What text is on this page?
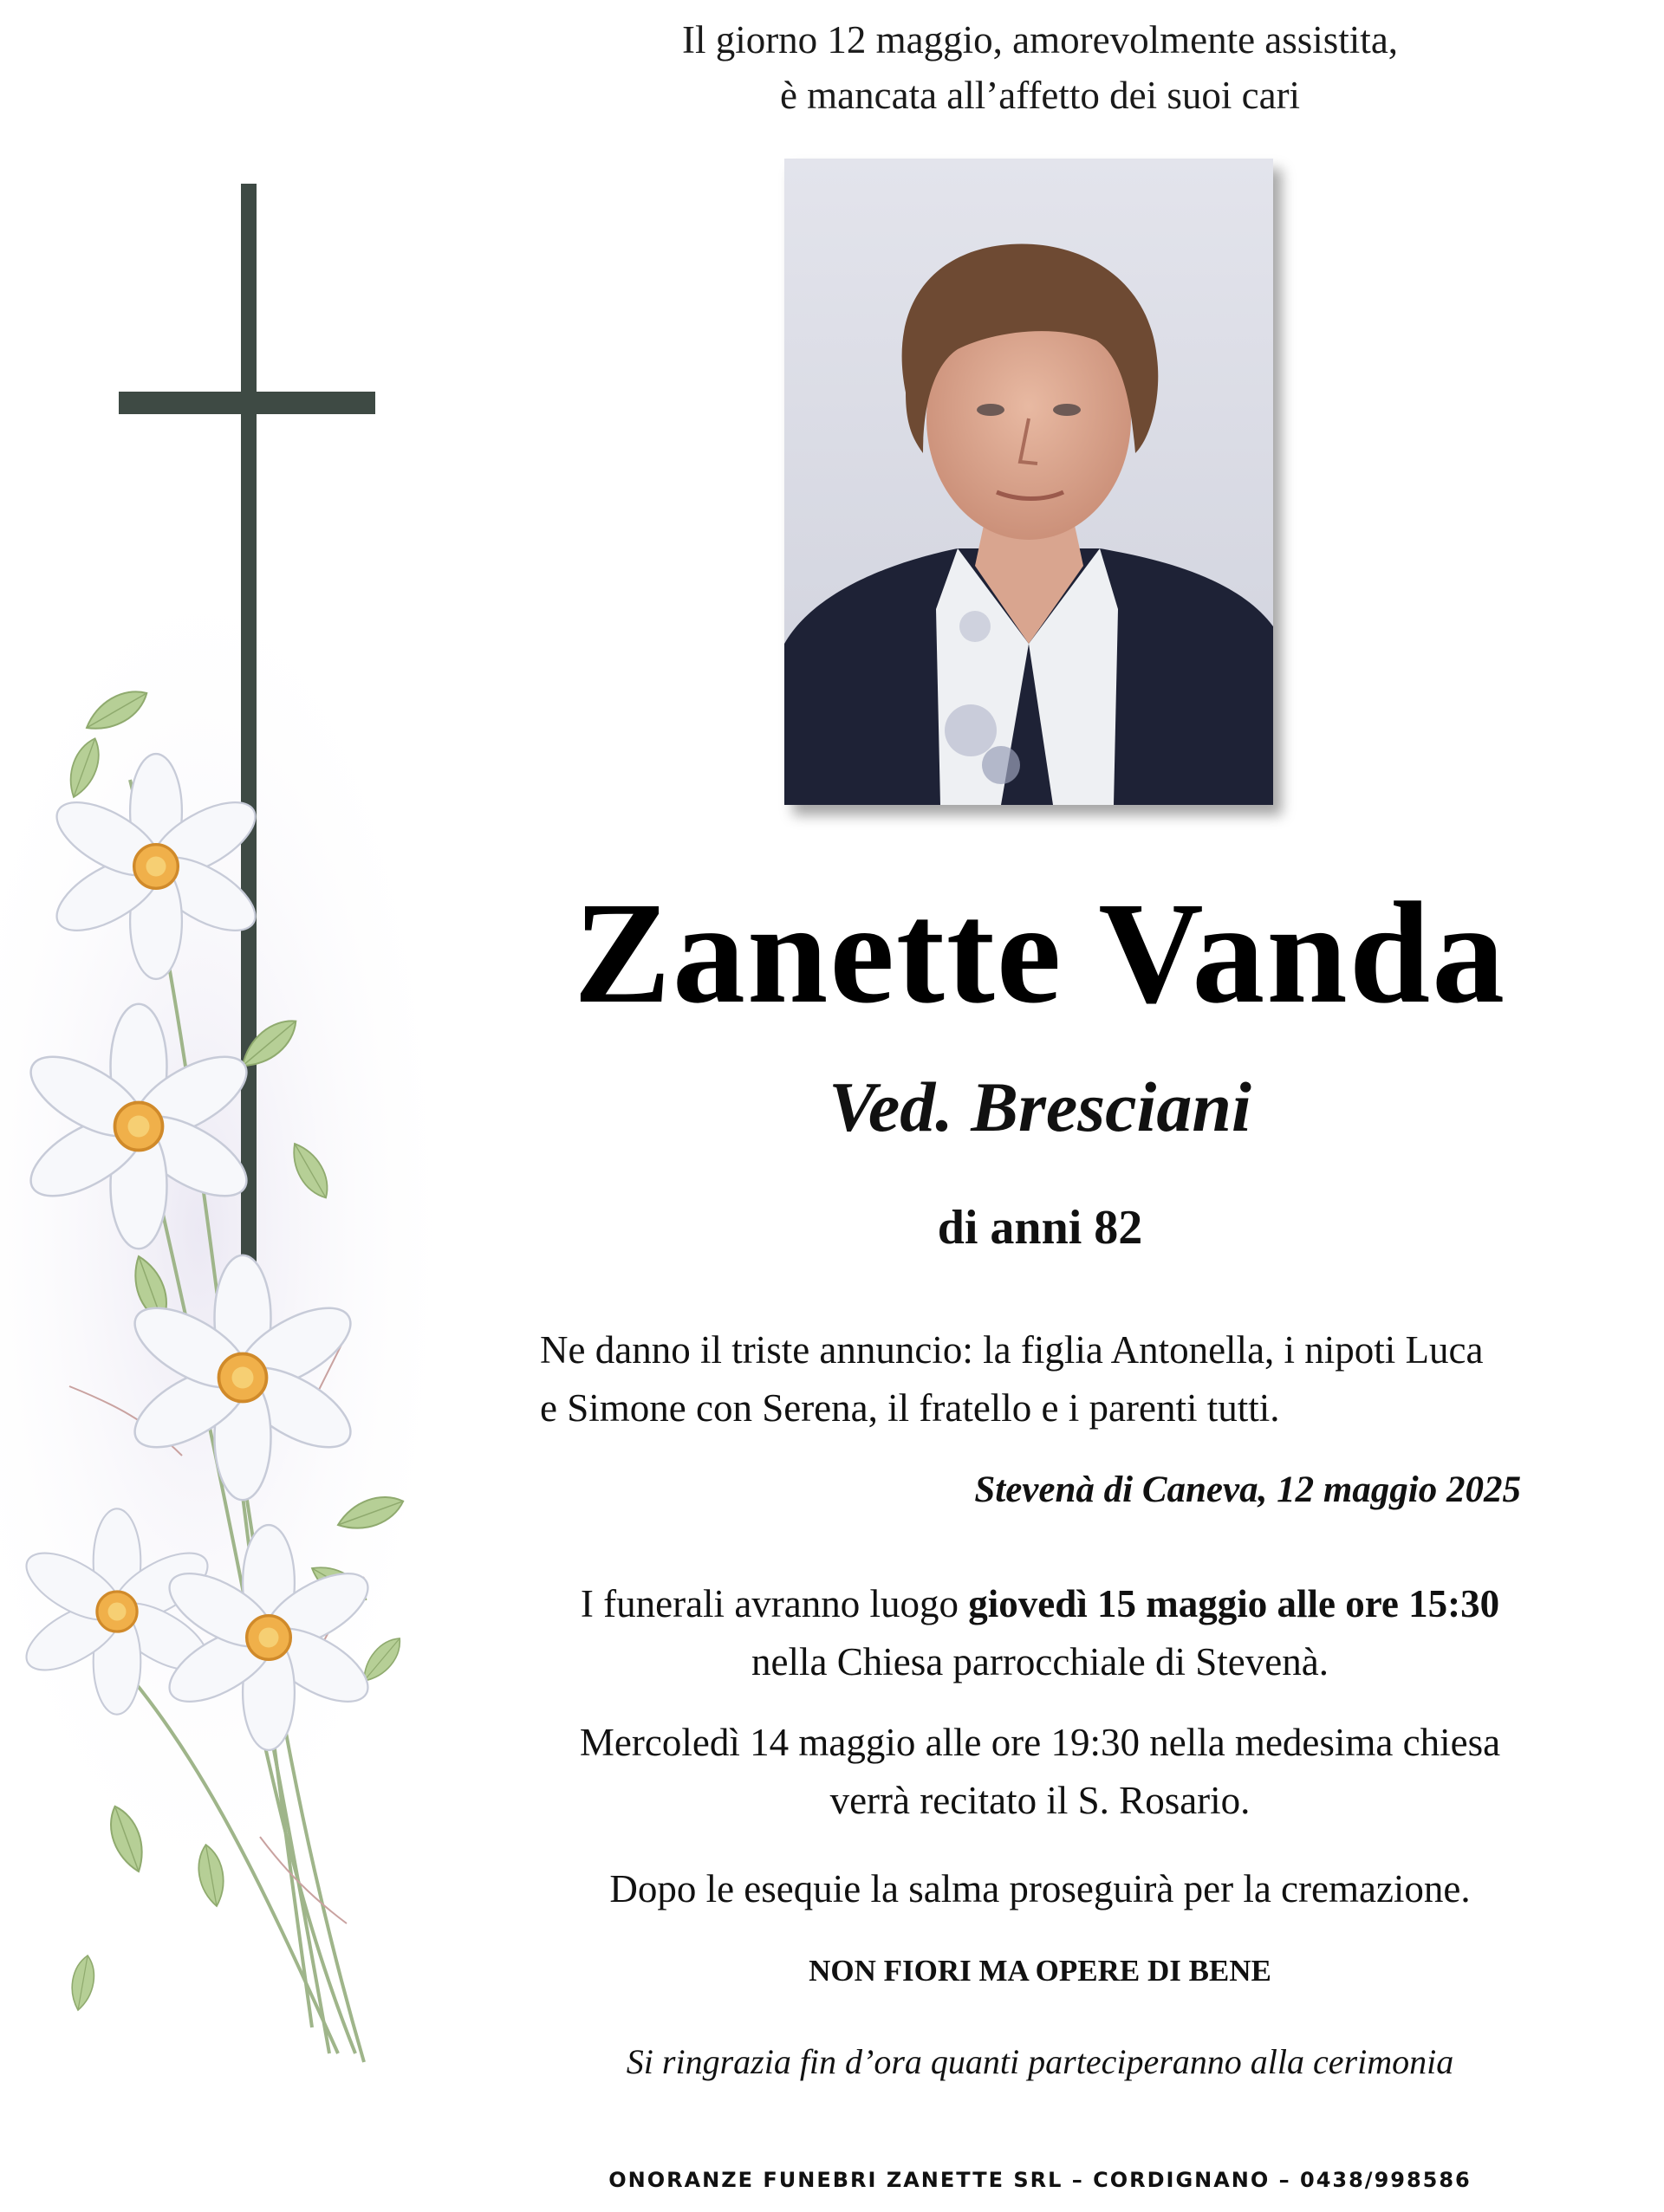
Il giorno 12 maggio, amorevolmente assistita,
è mancata all’affetto dei suoi cari
Zanette Vanda
Ved. Bresciani
di anni 82
Ne danno il triste annuncio: la figlia Antonella, i nipoti Luca
e Simone con Serena, il fratello e i parenti tutti.
Stevenà di Caneva, 12 maggio 2025
I funerali avranno luogo giovedì 15 maggio alle ore 15:30
nella Chiesa parrocchiale di Stevenà.
Mercoledì 14 maggio alle ore 19:30 nella medesima chiesa
verrà recitato il S. Rosario.
Dopo le esequie la salma proseguirà per la cremazione.
NON FIORI MA OPERE DI BENE
Si ringrazia fin d’ora quanti parteciperanno alla cerimonia
ONORANZE FUNEBRI ZANETTE SRL – CORDIGNANO – 0438/998586
